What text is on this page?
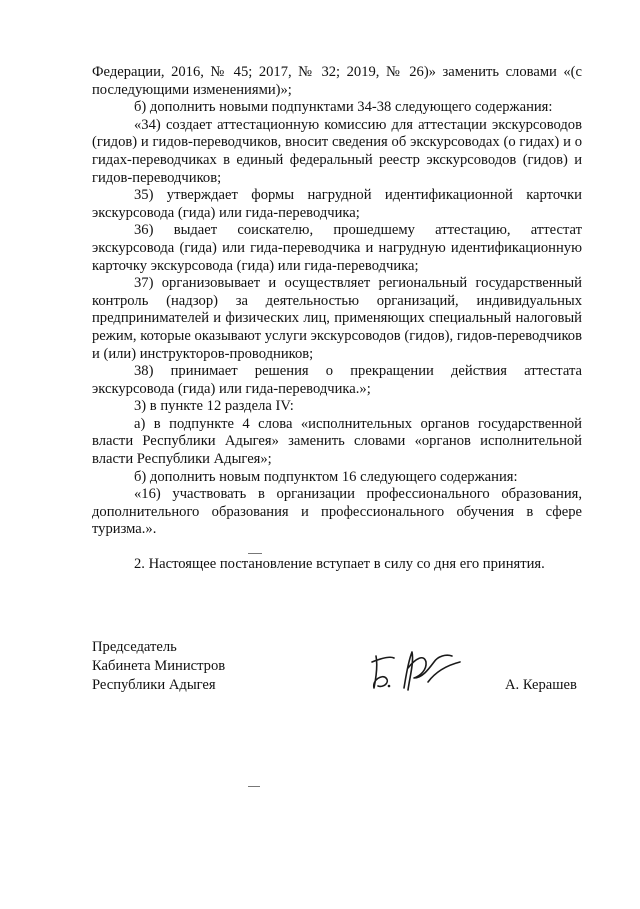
Федерации, 2016, № 45; 2017, № 32; 2019, № 26)» заменить словами «(с последующими изменениями)»;

б) дополнить новыми подпунктами 34-38 следующего содержания:

«34) создает аттестационную комиссию для аттестации экскурсоводов (гидов) и гидов-переводчиков, вносит сведения об экскурсоводах (о гидах) и о гидах-переводчиках в единый федеральный реестр экскурсоводов (гидов) и гидов-переводчиков;

35) утверждает формы нагрудной идентификационной карточки экскурсовода (гида) или гида-переводчика;

36) выдает соискателю, прошедшему аттестацию, аттестат экскурсовода (гида) или гида-переводчика и нагрудную идентификационную карточку экскурсовода (гида) или гида-переводчика;

37) организовывает и осуществляет региональный государственный контроль (надзор) за деятельностью организаций, индивидуальных предпринимателей и физических лиц, применяющих специальный налоговый режим, которые оказывают услуги экскурсоводов (гидов), гидов-переводчиков и (или) инструкторов-проводников;

38) принимает решения о прекращении действия аттестата экскурсовода (гида) или гида-переводчика.»;

3) в пункте 12 раздела IV:

а) в подпункте 4 слова «исполнительных органов государственной власти Республики Адыгея» заменить словами «органов исполнительной власти Республики Адыгея»;

б) дополнить новым подпунктом 16 следующего содержания:

«16) участвовать в организации профессионального образования, дополнительного образования и профессионального обучения в сфере туризма.».

2. Настоящее постановление вступает в силу со дня его принятия.

Председатель
Кабинета Министров
Республики Адыгея	А. Керашев
